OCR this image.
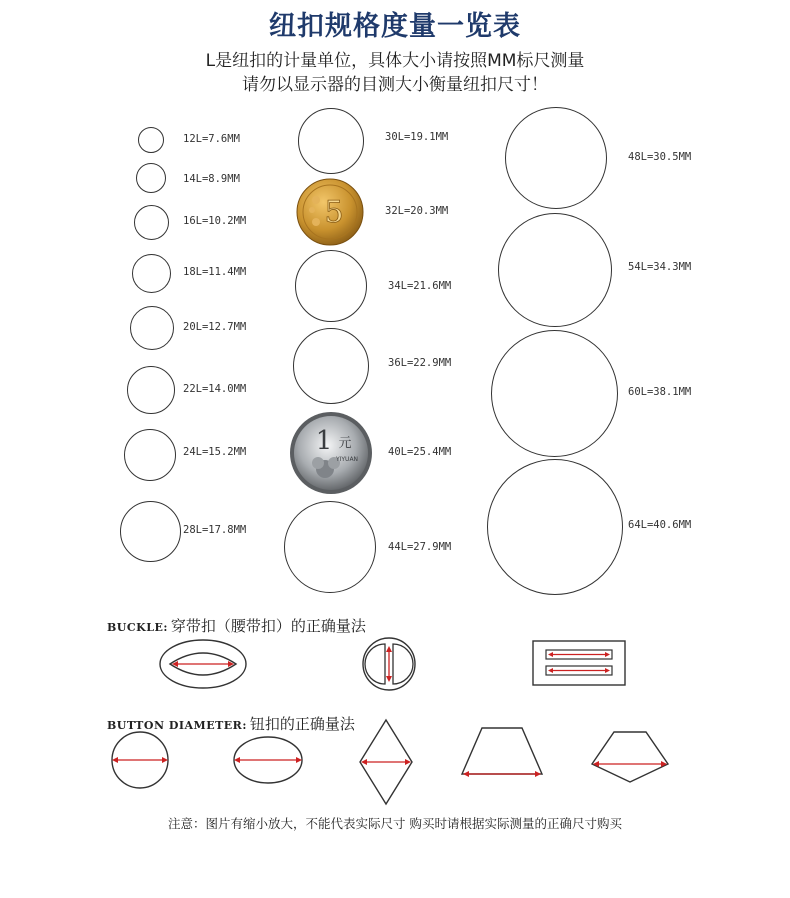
纽扣规格度量一览表
L是纽扣的计量单位，具体大小请按照MM标尺测量
请勿以显示器的目测大小衡量纽扣尺寸！
12L=7.6MM
14L=8.9MM
16L=10.2MM
18L=11.4MM
20L=12.7MM
22L=14.0MM
24L=15.2MM
28L=17.8MM
30L=19.1MM
5	32L=20.3MM
34L=21.6MM
36L=22.9MM
1 元
YIYUAN
40L=25.4MM
44L=27.9MM
48L=30.5MM
54L=34.3MM
60L=38.1MM
64L=40.6MM
BUCKLE: 穿带扣（腰带扣）的正确量法
BUTTON DIAMETER: 钮扣的正确量法
注意：图片有缩小放大，不能代表实际尺寸 购买时请根据实际测量的正确尺寸购买
